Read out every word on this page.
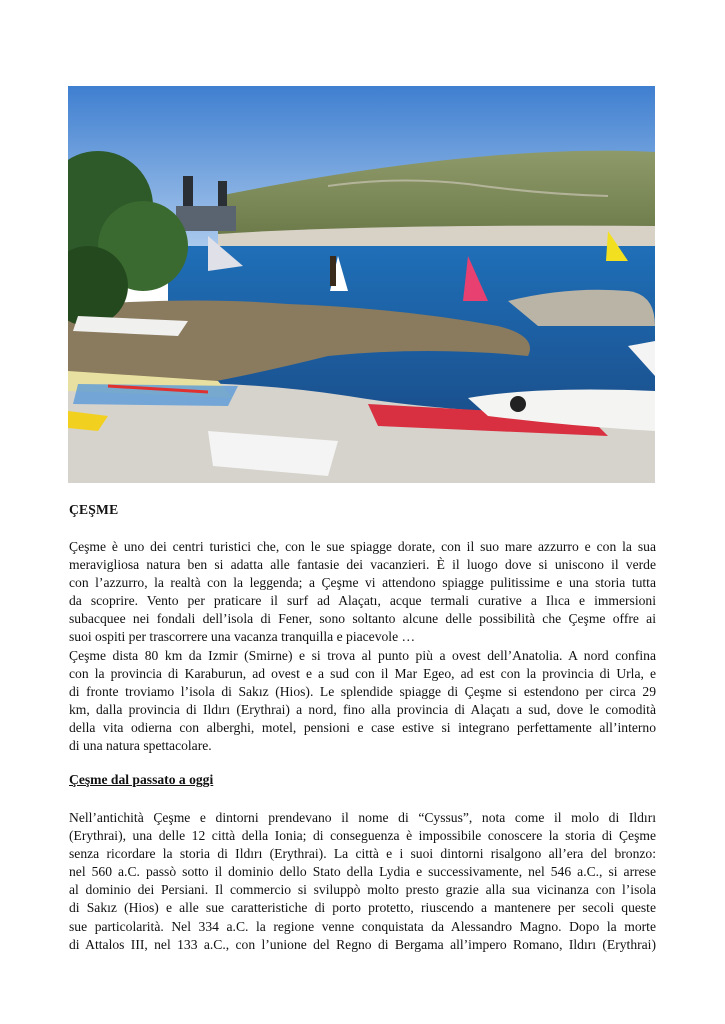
ÇEŞME
Çeşme è uno dei centri turistici che, con le sue spiagge dorate, con il suo mare azzurro e con la sua
meravigliosa natura ben si adatta alle fantasie dei vacanzieri. È il luogo dove si uniscono il verde
con l’azzurro, la realtà con la leggenda; a Çeşme vi attendono spiagge pulitissime e una storia tutta
da scoprire. Vento per praticare il surf ad Alaçatı, acque termali curative a Ilıca e immersioni
subacquee nei fondali dell’isola di Fener, sono soltanto alcune delle possibilità che Çeşme offre ai
suoi ospiti per trascorrere una vacanza tranquilla e piacevole …
Çeşme dista 80 km da Izmir (Smirne) e si trova al punto più a ovest dell’Anatolia. A nord confina
con la provincia di Karaburun, ad ovest e a sud con il Mar Egeo, ad est con la provincia di Urla, e
di fronte troviamo l’isola di Sakız (Hios). Le splendide spiagge di Çeşme si estendono per circa 29
km, dalla provincia di Ildırı (Erythrai) a nord, fino alla provincia di Alaçatı a sud, dove le comodità
della vita odierna con alberghi, motel, pensioni e case estive si integrano perfettamente all’interno
di una natura spettacolare.
Çeşme dal passato a oggi
Nell’antichità Çeşme e dintorni prendevano il nome di “Cyssus”, nota come il molo di Ildırı
(Erythrai), una delle 12 città della Ionia; di conseguenza è impossibile conoscere la storia di Çeşme
senza ricordare la storia di Ildırı (Erythrai). La città e i suoi dintorni risalgono all’era del bronzo:
nel 560 a.C. passò sotto il dominio dello Stato della Lydia e successivamente, nel 546 a.C., si arrese
al dominio dei Persiani. Il commercio si sviluppò molto presto grazie alla sua vicinanza con l’isola
di Sakız (Hios) e alle sue caratteristiche di porto protetto, riuscendo a mantenere per secoli queste
sue particolarità. Nel 334 a.C. la regione venne conquistata da Alessandro Magno. Dopo la morte
di Attalos III, nel 133 a.C., con l’unione del Regno di Bergama all’impero Romano, Ildırı (Erythrai)
